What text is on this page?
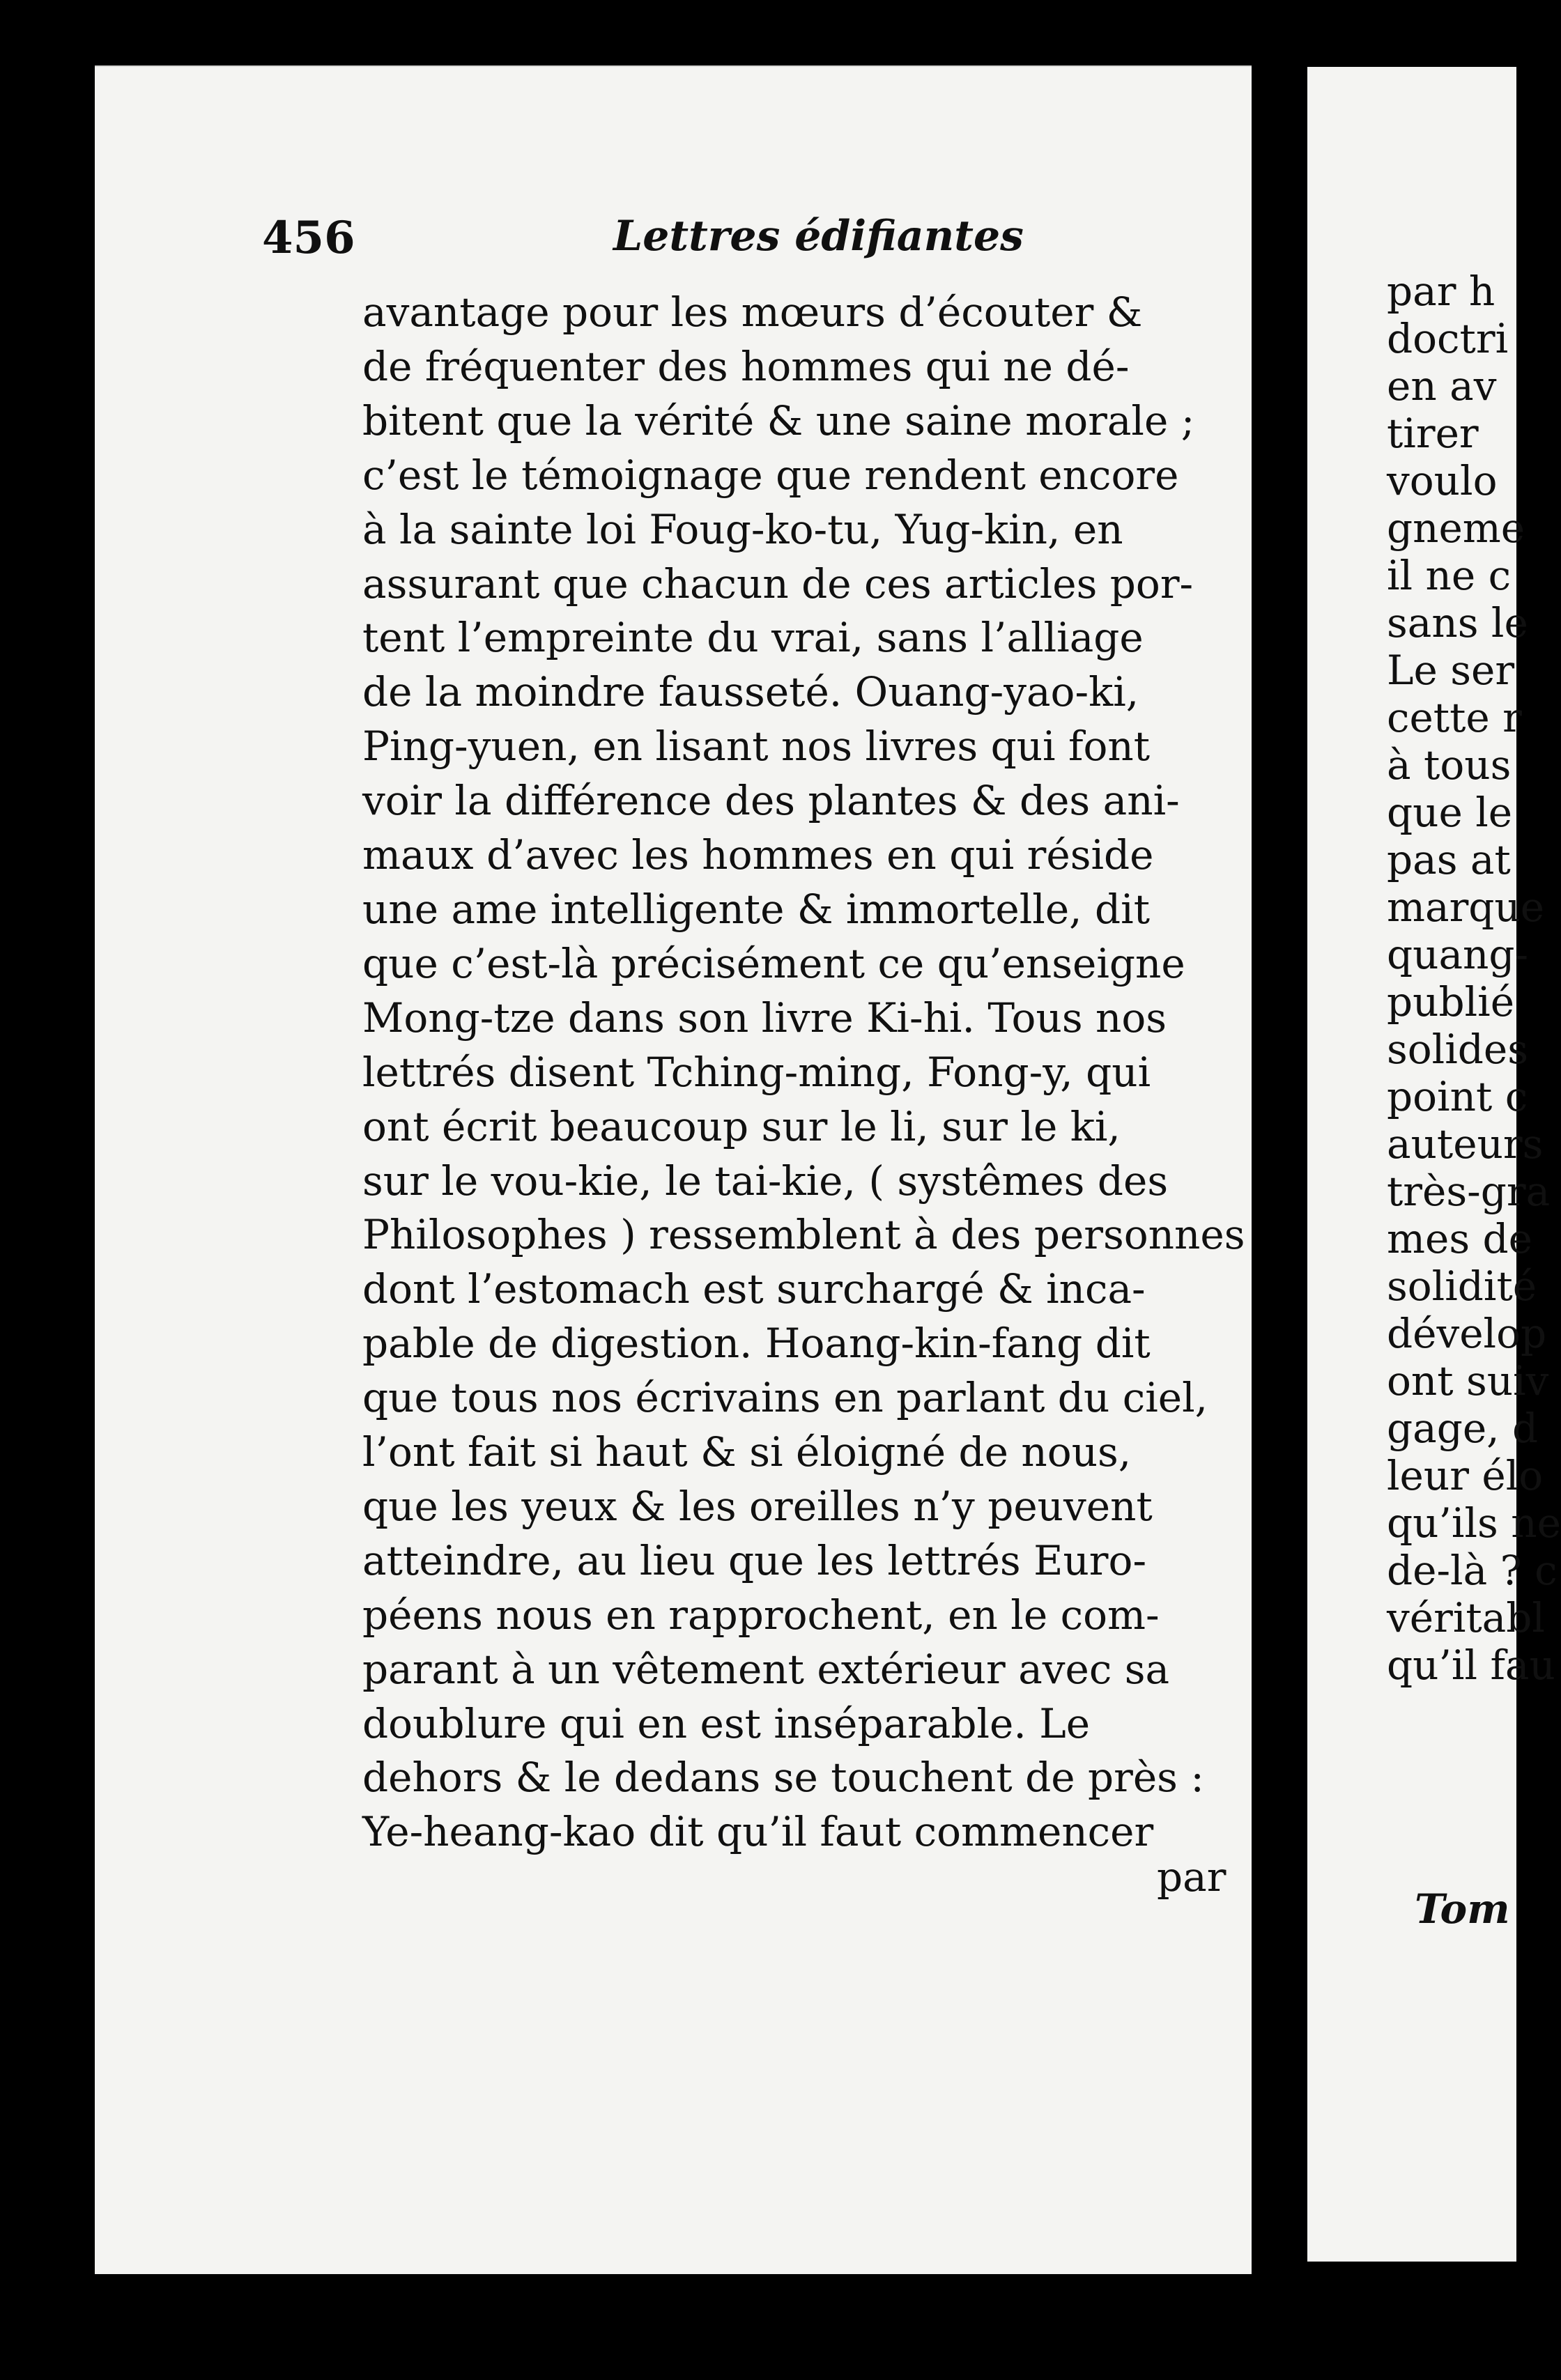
456	Lettres édifiantes
avantage pour les mœurs d’écouter &
de fréquenter des hommes qui ne dé-
bitent que la vérité & une saine morale ;
c’est le témoignage que rendent encore
à la sainte loi Foug-ko-tu, Yug-kin, en
assurant que chacun de ces articles por-
tent l’empreinte du vrai, sans l’alliage
de la moindre fausseté. Ouang-yao-ki,
Ping-yuen, en lisant nos livres qui font
voir la différence des plantes & des ani-
maux d’avec les hommes en qui réside
une ame intelligente & immortelle, dit
que c’est-là précisément ce qu’enseigne
Mong-tze dans son livre Ki-hi. Tous nos
lettrés disent Tching-ming, Fong-y, qui
ont écrit beaucoup sur le li, sur le ki,
sur le vou-kie, le tai-kie, ( systêmes des
Philosophes ) ressemblent à des personnes
dont l’estomach est surchargé & inca-
pable de digestion. Hoang-kin-fang dit
que tous nos écrivains en parlant du ciel,
l’ont fait si haut & si éloigné de nous,
que les yeux & les oreilles n’y peuvent
atteindre, au lieu que les lettrés Euro-
péens nous en rapprochent, en le com-
parant à un vêtement extérieur avec sa
doublure qui en est inséparable. Le
dehors & le dedans se touchent de près :
Ye-heang-kao dit qu’il faut commencer
par
par h
doctri
en av
tirer
voulo
gneme
il ne c
sans le
Le ser
cette r
à tous
que le
pas at
marque
quang-
publié
solides
point c
auteurs
très-gra
mes de
solidité
dévelop
ont suiv
gage, d
leur élo
qu’ils ne
de-là ? c
véritabl
qu’il fau
Tom
